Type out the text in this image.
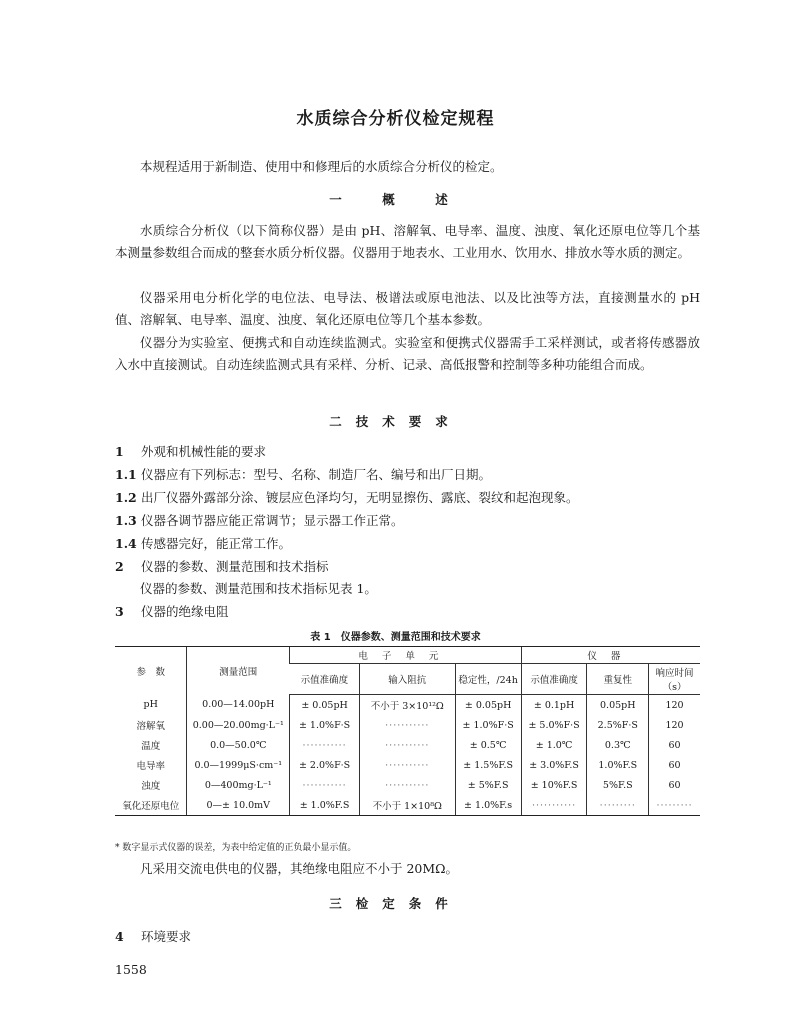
水质综合分析仪检定规程

本规程适用于新制造、使用中和修理后的水质综合分析仪的检定。

一　概　述

水质综合分析仪（以下简称仪器）是由 pH、溶解氧、电导率、温度、浊度、氧化还原电位等几个基本测量参数组合而成的整套水质分析仪器。仪器用于地表水、工业用水、饮用水、排放水等水质的测定。

仪器采用电分析化学的电位法、电导法、极谱法或原电池法、以及比浊等方法，直接测量水的 pH 值、溶解氧、电导率、温度、浊度、氧化还原电位等几个基本参数。

仪器分为实验室、便携式和自动连续监测式。实验室和便携式仪器需手工采样测试，或者将传感器放入水中直接测试。自动连续监测式具有采样、分析、记录、高低报警和控制等多种功能组合而成。

二技术要求
1 外观和机械性能的要求
1.1 仪器应有下列标志：型号、名称、制造厂名、编号和出厂日期。
1.2 出厂仪器外露部分涂、镀层应色泽均匀，无明显擦伤、露底、裂纹和起泡现象。
1.3 仪器各调节器应能正常调节；显示器工作正常。
1.4 传感器完好，能正常工作。
2 仪器的参数、测量范围和技术指标
仪器的参数、测量范围和技术指标见表 1。
3 仪器的绝缘电阻
表 1　仪器参数、测量范围和技术要求
参　数	测量范围	电子单元			仪器		
		示值准确度	输入阻抗	稳定性，/24h	示值准确度	重复性	响应时间
（s）

pH	0.00—14.00pH	± 0.05pH	不小于 3×10¹²Ω	± 0.05pH	± 0.1pH	0.05pH	120
溶解氧	0.00—20.00mg·L⁻¹	± 1.0%F·S	···········	± 1.0%F·S	± 5.0%F·S	2.5%F·S	120
温度	0.0—50.0℃	···········	···········	± 0.5℃	± 1.0℃	0.3℃	60
电导率	0.0—1999μS·cm⁻¹	± 2.0%F·S	···········	± 1.5%F.S	± 3.0%F.S	1.0%F.S	60
浊度	0—400mg·L⁻¹	···········	···········	± 5%F.S	± 10%F.S	5%F.S	60
氧化还原电位	0—± 10.0mV	± 1.0%F.S	不小于 1×10⁸Ω	± 1.0%F.s	···········	·········	·········
* 数字显示式仪器的误差，为表中给定值的正负最小显示值。

凡采用交流电供电的仪器，其绝缘电阻应不小于 20MΩ。

三检定条件
4 环境要求
1558
